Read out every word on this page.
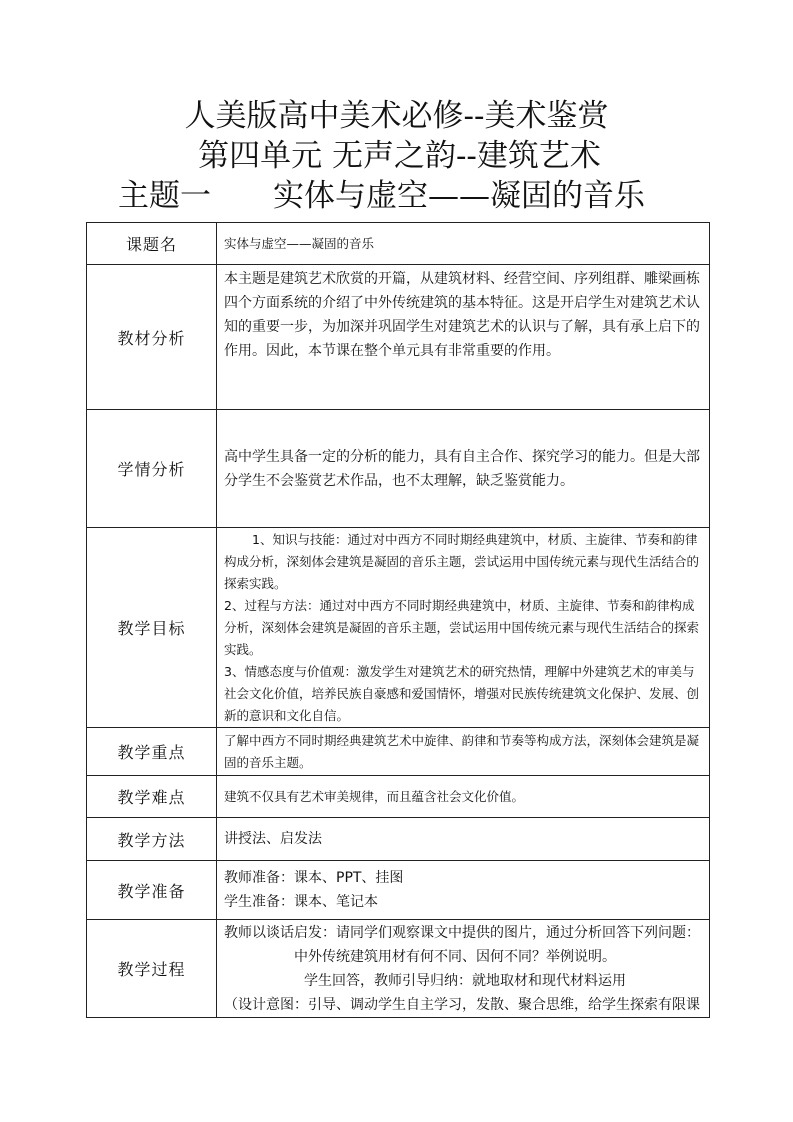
人美版高中美术必修--美术鉴赏
第四单元 无声之韵--建筑艺术
主题一　　实体与虚空——凝固的音乐
课题名	实体与虚空——凝固的音乐
教材分析	本主题是建筑艺术欣赏的开篇，从建筑材料、经营空间、序列组群、雕梁画栋四个方面系统的介绍了中外传统建筑的基本特征。这是开启学生对建筑艺术认知的重要一步，为加深并巩固学生对建筑艺术的认识与了解，具有承上启下的作用。因此，本节课在整个单元具有非常重要的作用。

学情分析	高中学生具备一定的分析的能力，具有自主合作、探究学习的能力。但是大部分学生不会鉴赏艺术作品，也不太理解，缺乏鉴赏能力。

教学目标	1、知识与技能：通过对中西方不同时期经典建筑中，材质、主旋律、节奏和韵律构成分析，深刻体会建筑是凝固的音乐主题，尝试运用中国传统元素与现代生活结合的探索实践。

2、过程与方法：通过对中西方不同时期经典建筑中，材质、主旋律、节奏和韵律构成分析，深刻体会建筑是凝固的音乐主题，尝试运用中国传统元素与现代生活结合的探索实践。

3、情感态度与价值观：激发学生对建筑艺术的研究热情，理解中外建筑艺术的审美与社会文化价值，培养民族自豪感和爱国情怀，增强对民族传统建筑文化保护、发展、创新的意识和文化自信。

教学重点	了解中西方不同时期经典建筑艺术中旋律、韵律和节奏等构成方法，深刻体会建筑是凝固的音乐主题。
教学难点	建筑不仅具有艺术审美规律，而且蕴含社会文化价值。
教学方法	讲授法、启发法
教学准备	教师准备：课本、PPT、挂图
学生准备：课本、笔记本

教学过程	教师以谈话启发：请同学们观察课文中提供的图片，通过分析回答下列问题：
中外传统建筑用材有何不同、因何不同？举例说明。
学生回答，教师引导归纳：就地取材和现代材料运用
（设计意图：引导、调动学生自主学习，发散、聚合思维，给学生探索有限课
